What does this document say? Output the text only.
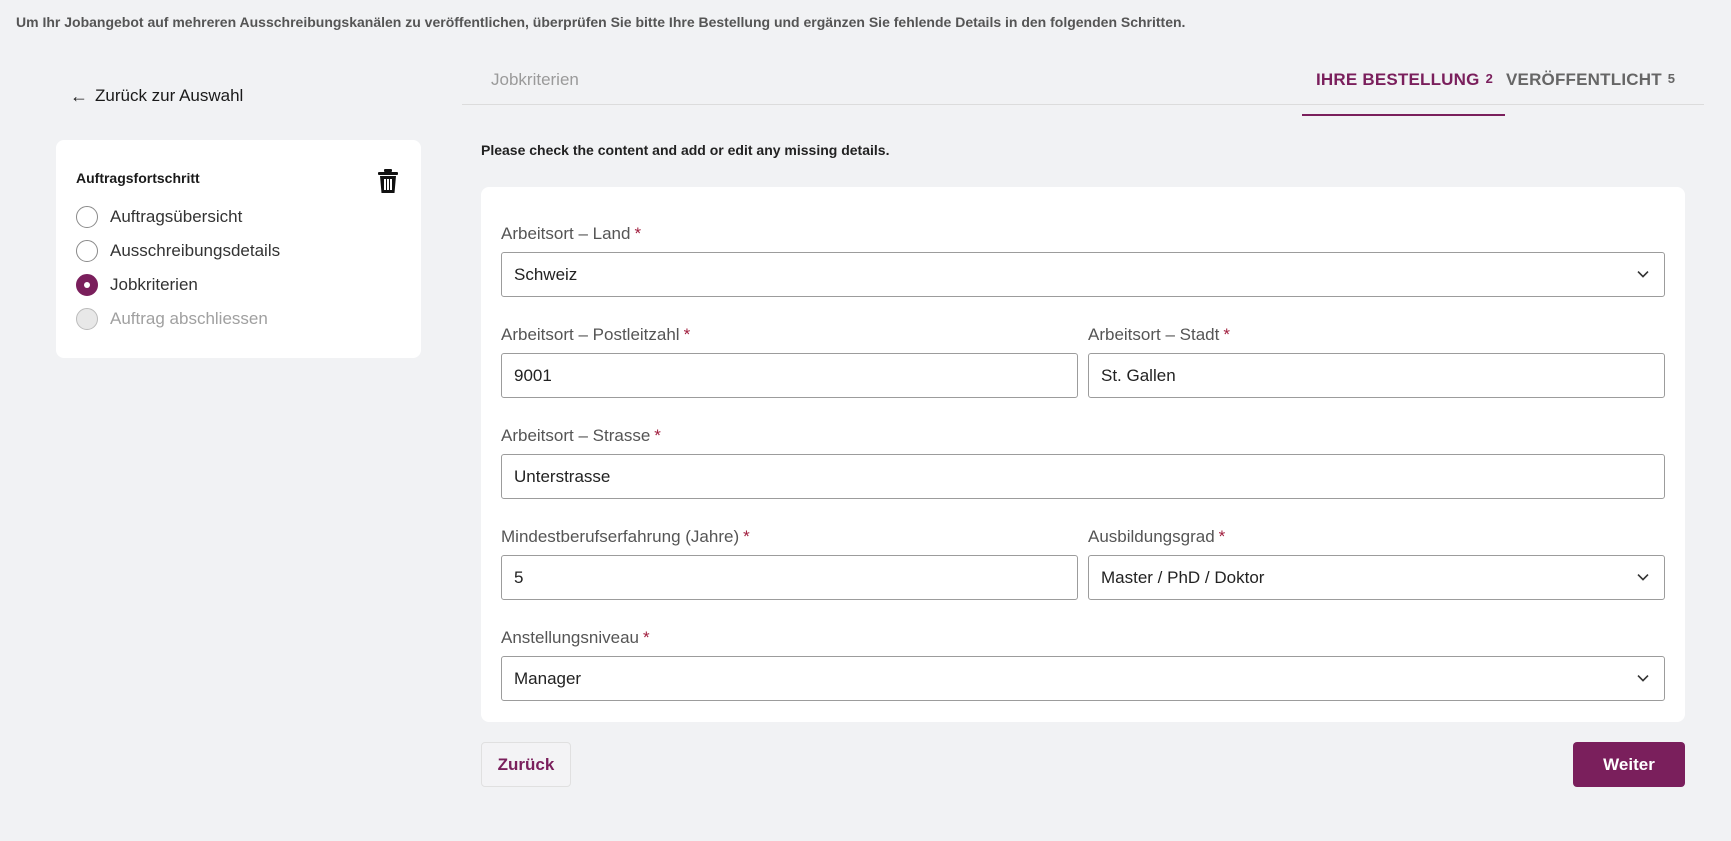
Um Ihr Jobangebot auf mehreren Ausschreibungskanälen zu veröffentlichen, überprüfen Sie bitte Ihre Bestellung und ergänzen Sie fehlende Details in den folgenden Schritten.
← Zurück zur Auswahl
Auftragsfortschritt
Auftragsübersicht
Ausschreibungsdetails
Jobkriterien
Auftrag abschliessen
Jobkriterien	IHRE BESTELLUNG 2 VERÖFFENTLICHT 5
Please check the content and add or edit any missing details.
Arbeitsort – Land *
Schweiz
Arbeitsort – Postleitzahl *
9001
Arbeitsort – Stadt *
St. Gallen
Arbeitsort – Strasse *
Unterstrasse
Mindestberufserfahrung (Jahre) *
5
Ausbildungsgrad *
Master / PhD / Doktor
Anstellungsniveau *
Manager
Zurück	Weiter
